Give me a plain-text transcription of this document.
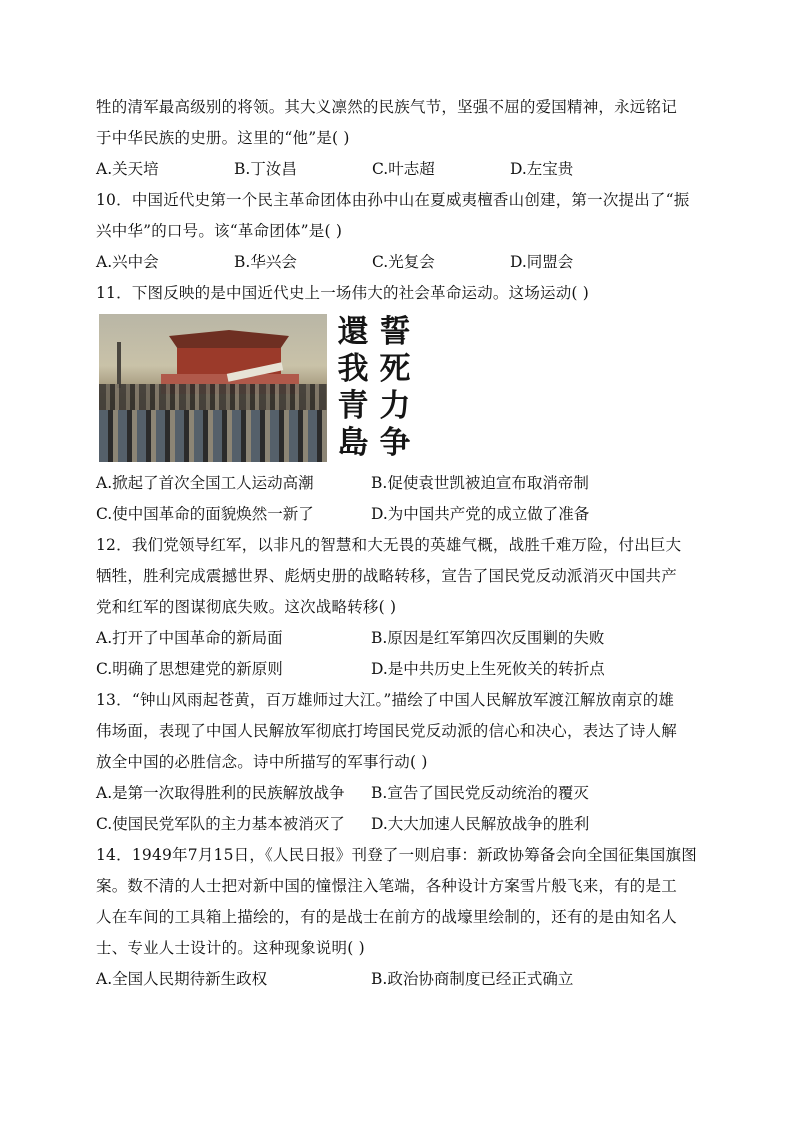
牲的清军最高级别的将领。其大义凛然的民族气节，坚强不屈的爱国精神，永远铭记
于中华民族的史册。这里的“他”是( )
A.关天培	B.丁汝昌	C.叶志超	D.左宝贵
10．中国近代史第一个民主革命团体由孙中山在夏威夷檀香山创建，第一次提出了“振
兴中华”的口号。该“革命团体”是( )
A.兴中会	B.华兴会	C.光复会	D.同盟会
11．下图反映的是中国近代史上一场伟大的社会革命运动。这场运动( )
誓
死
力
争
還
我
青
島
A.掀起了首次全国工人运动高潮	B.促使袁世凯被迫宣布取消帝制
C.使中国革命的面貌焕然一新了	D.为中国共产党的成立做了准备
12．我们党领导红军，以非凡的智慧和大无畏的英雄气概，战胜千难万险，付出巨大
牺牲，胜利完成震撼世界、彪炳史册的战略转移，宣告了国民党反动派消灭中国共产
党和红军的图谋彻底失败。这次战略转移( )
A.打开了中国革命的新局面	B.原因是红军第四次反围剿的失败
C.明确了思想建党的新原则	D.是中共历史上生死攸关的转折点
13．“钟山风雨起苍黄，百万雄师过大江。”描绘了中国人民解放军渡江解放南京的雄
伟场面，表现了中国人民解放军彻底打垮国民党反动派的信心和决心，表达了诗人解
放全中国的必胜信念。诗中所描写的军事行动( )
A.是第一次取得胜利的民族解放战争	B.宣告了国民党反动统治的覆灭
C.使国民党军队的主力基本被消灭了	D.大大加速人民解放战争的胜利
14．1949年7月15日，《人民日报》刊登了一则启事：新政协筹备会向全国征集国旗图
案。数不清的人士把对新中国的憧憬注入笔端，各种设计方案雪片般飞来，有的是工
人在车间的工具箱上描绘的，有的是战士在前方的战壕里绘制的，还有的是由知名人
士、专业人士设计的。这种现象说明( )
A.全国人民期待新生政权	B.政治协商制度已经正式确立
